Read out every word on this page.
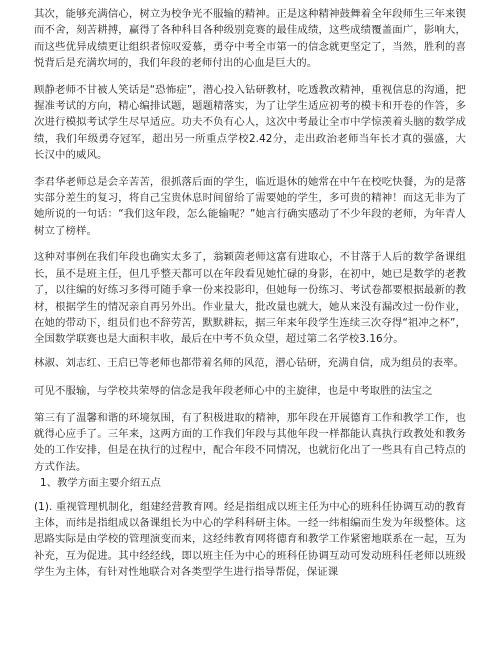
其次，能够充满信心，树立为校争光不服输的精神。正是这种精神鼓舞着全年段师生三年来锲而不舍，刻苦耕搏，赢得了各种科目各种级别竞赛的最佳成绩，这些成绩覆盖面广，影响大，而这些优异成绩更让组织者惊叹爱慕，勇夺中考全市第一的信念就更坚定了，当然，胜利的喜悦背后是充满坎坷的，我们年段的老师付出的心血是巨大的。

顾静老师不甘被人笑话是“恐怖症”，潜心投入钻研教材，吃透教改精神，重视信息的沟通，把握准考试的方向，精心编排试题，题题精落实，为了让学生适应初考的模卡和开卷的作答，多次进行模拟考试学生尽早适应。功夫不负有心人，这次中考最让全市中学惊羡着头脑的数学成绩，我们年级勇夺冠军，超出另一所重点学校2.42分，走出政治老师当年长才真的强盛，大长汉中的威风。

李君华老师总是会辛苦苦，很抓落后面的学生，临近退休的她常在中午在校吃快餐，为的是落实部分差生的复习，将自己宝贵休息时间留给了需要她的学生，多可贵的精神！而这无非为了她所说的一句话：“我们这年段，怎么能输呢？”她言行确实感动了不少年段的老师，为年青人树立了榜样。

这种对事例在我们年段也确实太多了，翁颖茵老师这富有进取心，不甘落于人后的数学备课组长，虽不是班主任，但几乎整天都可以在年段看见她忙碌的身影，在初中，她已是数学的老教了，以往编的好练习多得可随手拿一份来投影印，但她每一份练习、考试卷都要根据最新的教材，根据学生的情况亲自再另外出。作业量大，批改量也就大，她从来没有漏改过一份作业，在她的带动下，组员们也不辞劳苦，默默耕耘，据三年来年段学生连续三次夺得“祖冲之杯”，全国数学联赛也是大面积丰收，最后在中考不负众望，超过第二名学校3.16分。

林淑、刘志红、王启已等老师也都带着名师的风范，潜心钻研，充满自信，成为组员的表率。

可见不服输，与学校共荣辱的信念是我年段老师心中的主旋律，也是中考取胜的法宝之

第三有了温馨和谐的环境氛围，有了积极进取的精神，那年段在开展德育工作和教学工作，也就得心应手了。三年来，这两方面的工作我们年段与其他年段一样都能认真执行政教处和教务处的工作安排，但是在执行的过程中，配合年段不同情况，也就衍化出了一些具有自己特点的方式作法。

1、教学方面主要介绍五点

(1). 重视管理机制化，组建经营教育网。经是指组成以班主任为中心的班科任协调互动的教育主体，而纬是指组成以备课组长为中心的学科科研主体。一经一纬相编而生发为年级整体。这思路实际是由学校的管理演变而来，这经纬教育网将德育和教学工作紧密地联系在一起，互为补充，互为促进。其中经经线，即以班主任为中心的班科任协调互动可发动班科任老师以班级学生为主体，有针对性地联合对各类型学生进行指导帮促，保证课
